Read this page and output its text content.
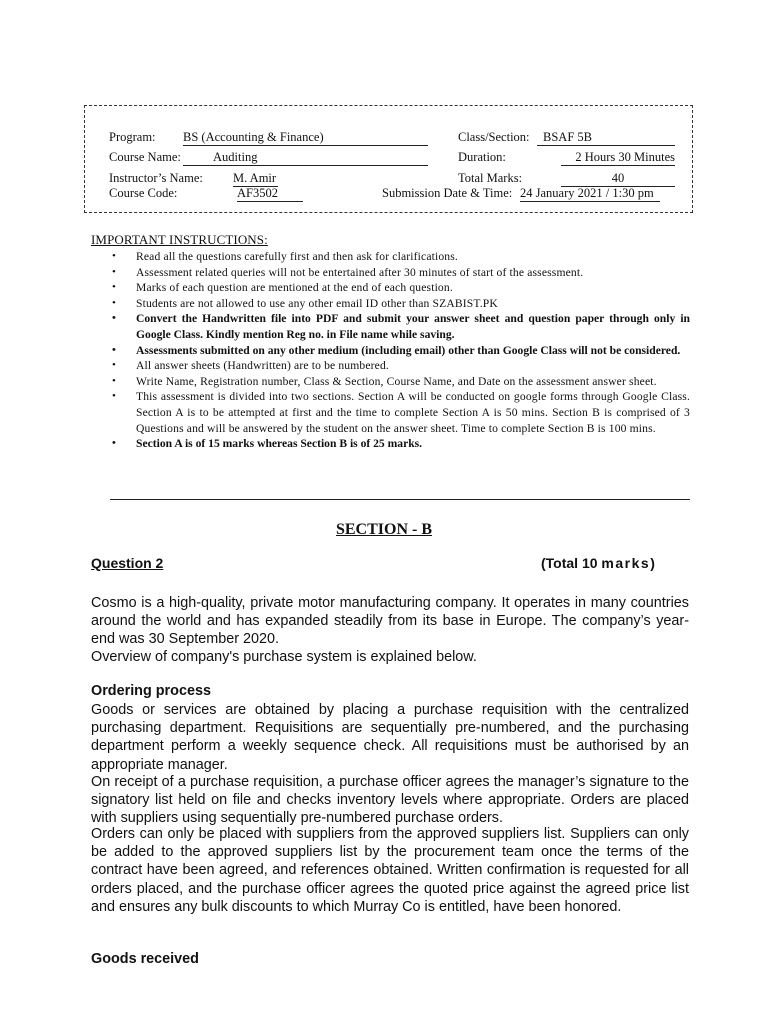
Program: BS (Accounting & Finance)
Course Name:	Auditing
Instructor’s Name: M. Amir
Course Code:	AF3502
Class/Section:	BSAF 5B
Duration:	2 Hours 30 Minutes
Total Marks:	40
Submission Date & Time: 24 January 2021 / 1:30 pm
IMPORTANT INSTRUCTIONS:
• Read all the questions carefully first and then ask for clarifications.
• Assessment related queries will not be entertained after 30 minutes of start of the assessment.
• Marks of each question are mentioned at the end of each question.
• Students are not allowed to use any other email ID other than SZABIST.PK
• Convert the Handwritten file into PDF and submit your answer sheet and question paper through only in Google Class. Kindly mention Reg no. in File name while saving.
• Assessments submitted on any other medium (including email) other than Google Class will not be considered.
• All answer sheets (Handwritten) are to be numbered.
• Write Name, Registration number, Class & Section, Course Name, and Date on the assessment answer sheet.
• This assessment is divided into two sections. Section A will be conducted on google forms through Google Class. Section A is to be attempted at first and the time to complete Section A is 50 mins. Section B is comprised of 3 Questions and will be answered by the student on the answer sheet. Time to complete Section B is 100 mins.
• Section A is of 15 marks whereas Section B is of 25 marks.
SECTION - B
Question 2	(Total 10 marks)

Cosmo is a high-quality, private motor manufacturing company. It operates in many countries around the world and has expanded steadily from its base in Europe. The company’s year-end was 30 September 2020.

Overview of company's purchase system is explained below.

Ordering process

Goods or services are obtained by placing a purchase requisition with the centralized purchasing department. Requisitions are sequentially pre-numbered, and the purchasing department perform a weekly sequence check. All requisitions must be authorised by an appropriate manager.

On receipt of a purchase requisition, a purchase officer agrees the manager’s signature to the signatory list held on file and checks inventory levels where appropriate. Orders are placed with suppliers using sequentially pre-numbered purchase orders.

Orders can only be placed with suppliers from the approved suppliers list. Suppliers can only be added to the approved suppliers list by the procurement team once the terms of the contract have been agreed, and references obtained. Written confirmation is requested for all orders placed, and the purchase officer agrees the quoted price against the agreed price list and ensures any bulk discounts to which Murray Co is entitled, have been honored.

Goods received
